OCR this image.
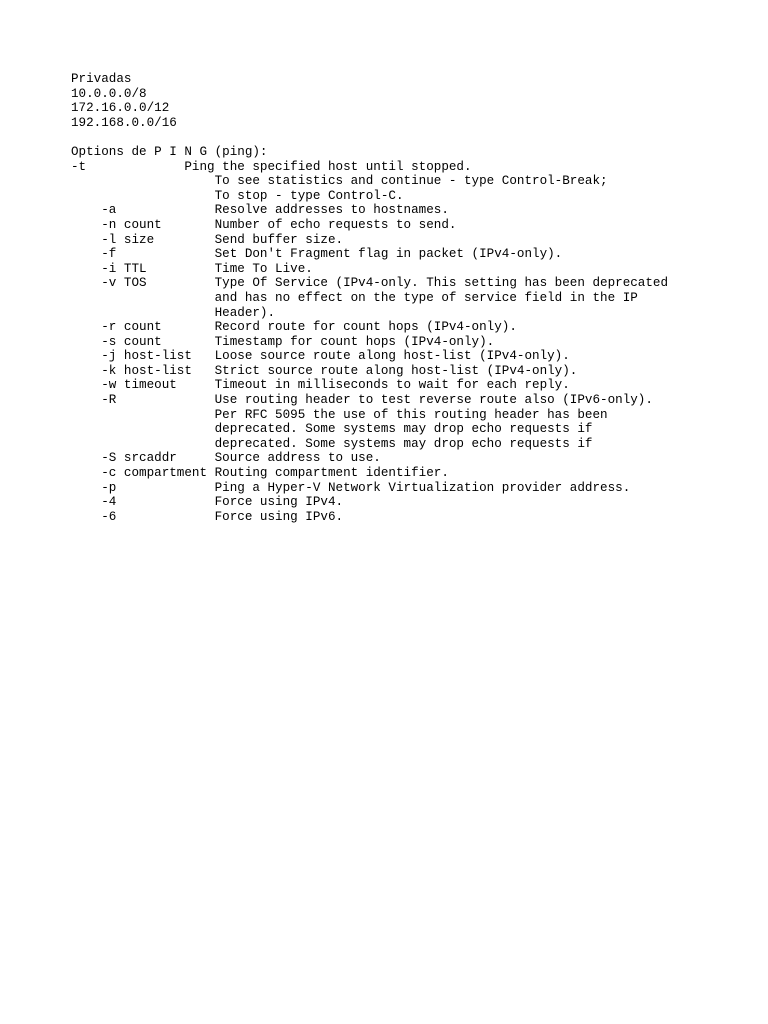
Privadas
10.0.0.0/8
172.16.0.0/12
192.168.0.0/16
Options de P I N G (ping):
-t             Ping the specified host until stopped.
To see statistics and continue - type Control-Break;
To stop - type Control-C.
-a             Resolve addresses to hostnames.
-n count       Number of echo requests to send.
-l size        Send buffer size.
-f             Set Don't Fragment flag in packet (IPv4-only).
-i TTL         Time To Live.
-v TOS         Type Of Service (IPv4-only. This setting has been deprecated
and has no effect on the type of service field in the IP
Header).
-r count       Record route for count hops (IPv4-only).
-s count       Timestamp for count hops (IPv4-only).
-j host-list   Loose source route along host-list (IPv4-only).
-k host-list   Strict source route along host-list (IPv4-only).
-w timeout     Timeout in milliseconds to wait for each reply.
-R             Use routing header to test reverse route also (IPv6-only).
Per RFC 5095 the use of this routing header has been
deprecated. Some systems may drop echo requests if
deprecated. Some systems may drop echo requests if
-S srcaddr     Source address to use.
-c compartment Routing compartment identifier.
-p             Ping a Hyper-V Network Virtualization provider address.
-4             Force using IPv4.
-6             Force using IPv6.
